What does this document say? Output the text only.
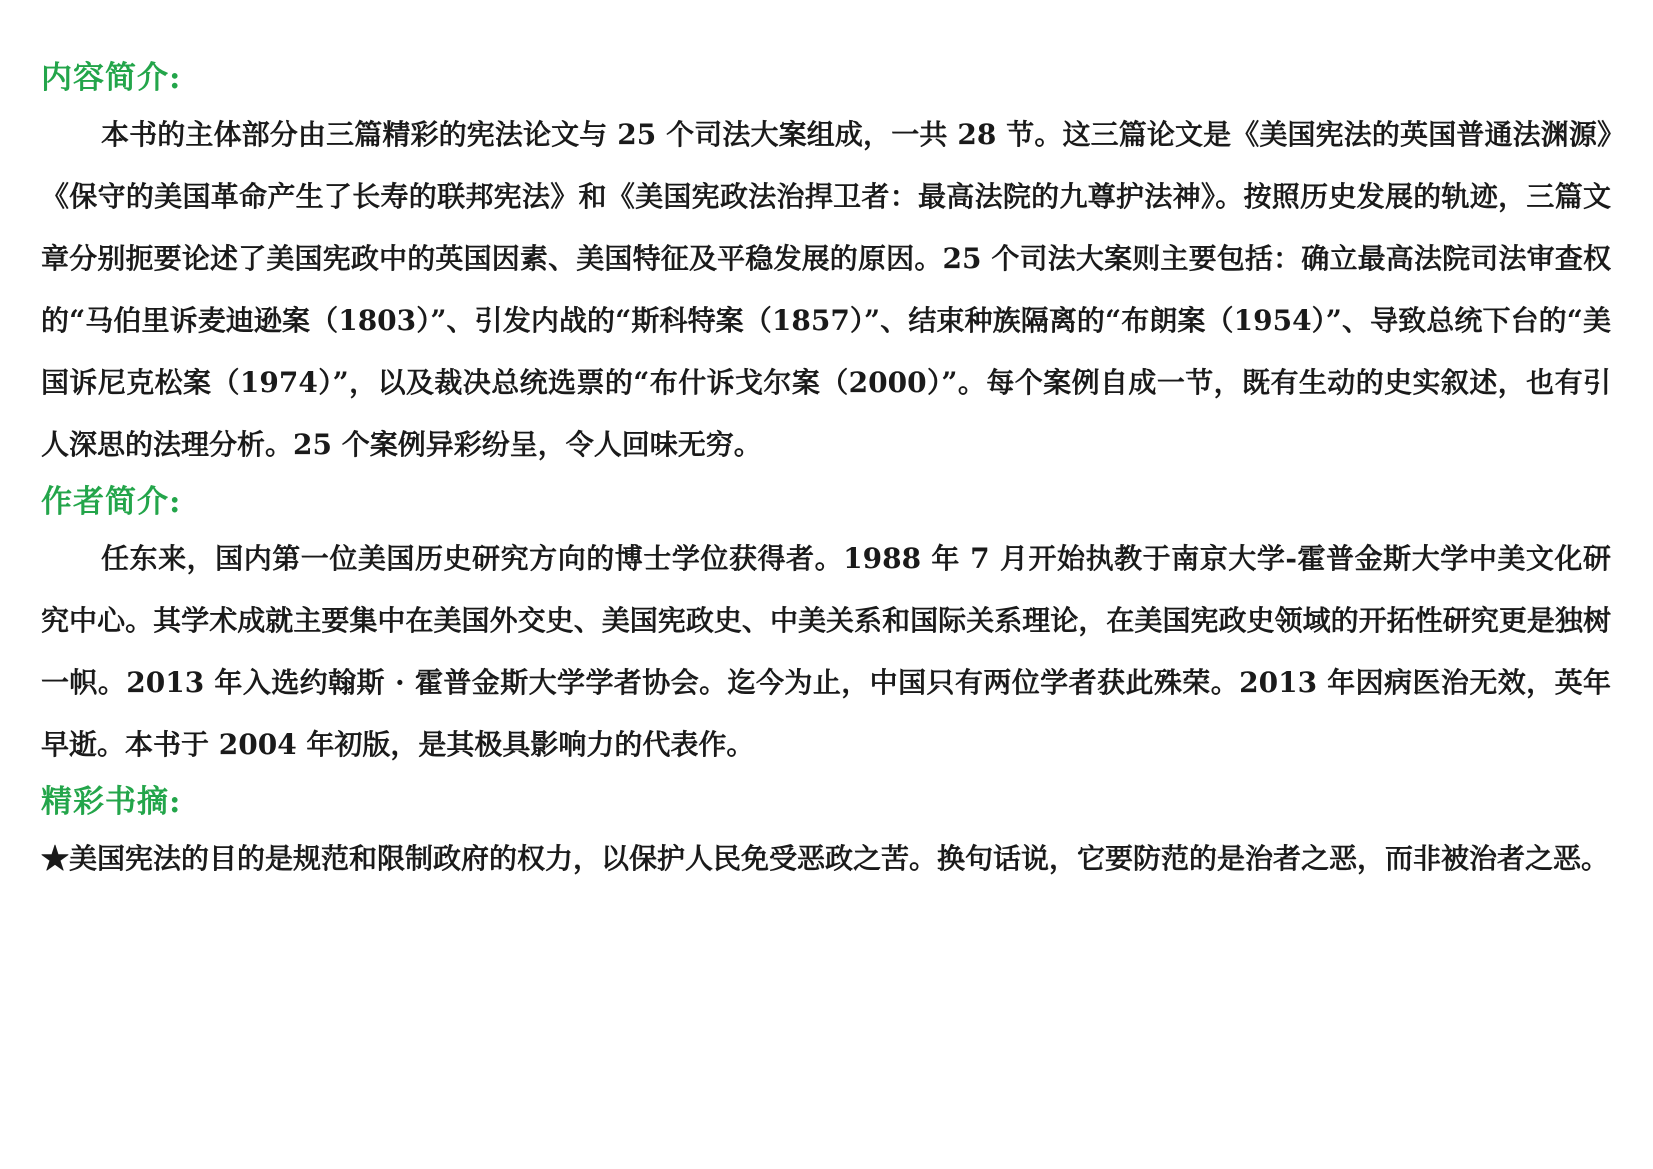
内容简介:

本书的主体部分由三篇精彩的宪法论文与 25 个司法大案组成，一共 28 节。这三篇论文是《美国宪法的英国普通法渊源》《保守的美国革命产生了长寿的联邦宪法》和《美国宪政法治捍卫者：最高法院的九尊护法神》。按照历史发展的轨迹，三篇文章分别扼要论述了美国宪政中的英国因素、美国特征及平稳发展的原因。25 个司法大案则主要包括：确立最高法院司法审查权的“马伯里诉麦迪逊案（1803）”、引发内战的“斯科特案（1857）”、结束种族隔离的“布朗案（1954）”、导致总统下台的“美国诉尼克松案（1974）”，以及裁决总统选票的“布什诉戈尔案（2000）”。每个案例自成一节，既有生动的史实叙述，也有引人深思的法理分析。25 个案例异彩纷呈，令人回味无穷。

作者简介:

任东来，国内第一位美国历史研究方向的博士学位获得者。1988 年 7 月开始执教于南京大学-霍普金斯大学中美文化研究中心。其学术成就主要集中在美国外交史、美国宪政史、中美关系和国际关系理论，在美国宪政史领域的开拓性研究更是独树一帜。2013 年入选约翰斯 · 霍普金斯大学学者协会。迄今为止，中国只有两位学者获此殊荣。2013 年因病医治无效，英年早逝。本书于 2004 年初版，是其极具影响力的代表作。

精彩书摘:

★美国宪法的目的是规范和限制政府的权力，以保护人民免受恶政之苦。换句话说，它要防范的是治者之恶，而非被治者之恶。
